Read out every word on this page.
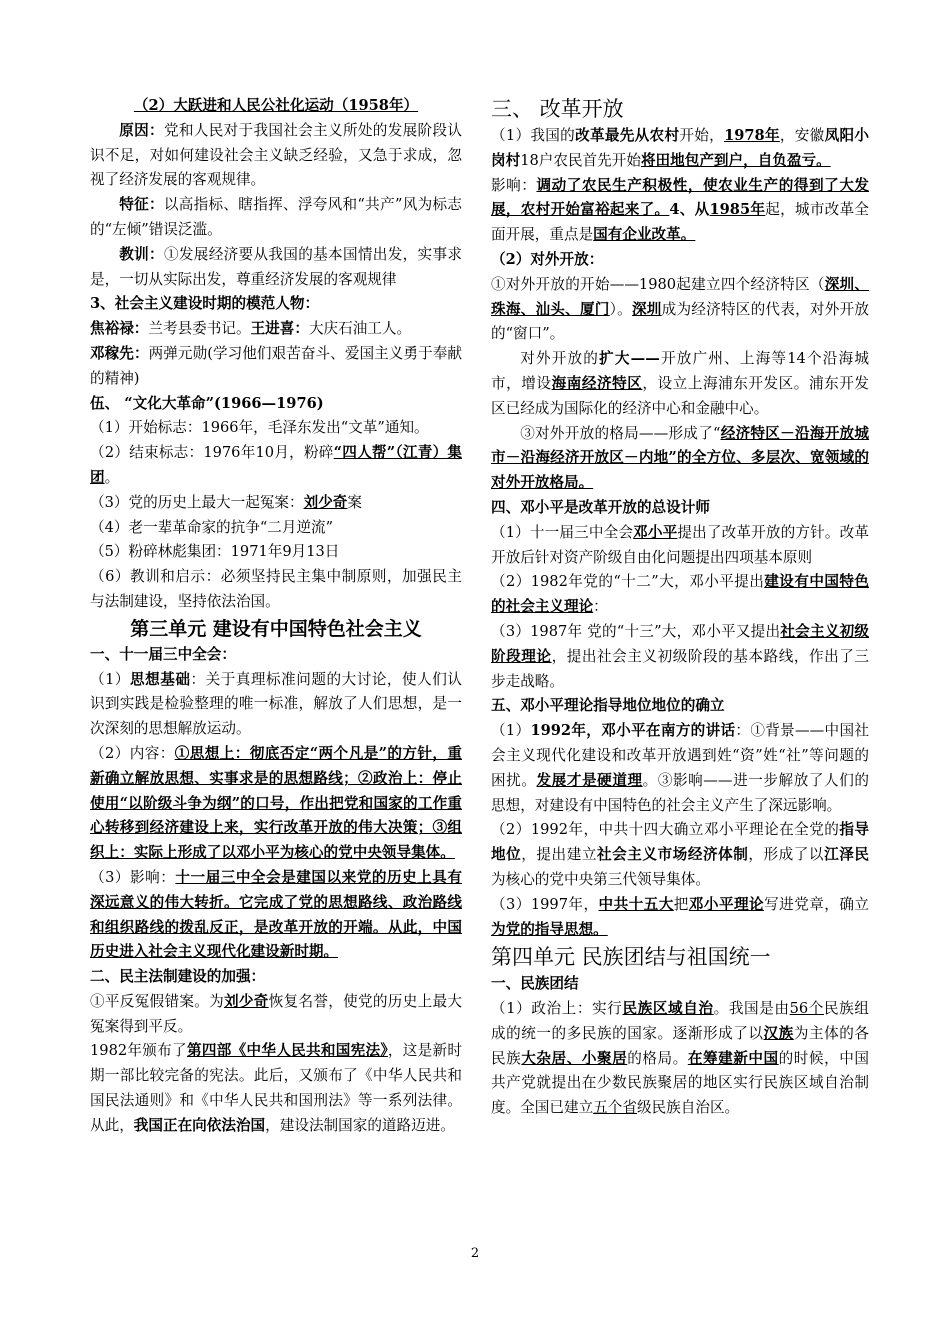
（2）大跃进和人民公社化运动（1958年）

原因：党和人民对于我国社会主义所处的发展阶段认识不足，对如何建设社会主义缺乏经验，又急于求成，忽视了经济发展的客观规律。

特征：以高指标、瞎指挥、浮夸风和“共产”风为标志的“左倾”错误泛滥。

教训：①发展经济要从我国的基本国情出发，实事求是，一切从实际出发，尊重经济发展的客观规律

3、社会主义建设时期的模范人物：

焦裕禄：兰考县委书记。王进喜：大庆石油工人。

邓稼先：两弹元勋(学习他们艰苦奋斗、爱国主义勇于奉献的精神)

伍、 “文化大革命”(1966—1976)

（1）开始标志：1966年，毛泽东发出“文革”通知。

（2）结束标志：1976年10月，粉碎“四人帮”（江青）集团。

（3）党的历史上最大一起冤案：刘少奇案

（4）老一辈革命家的抗争“二月逆流”

（5）粉碎林彪集团：1971年9月13日

（6）教训和启示：必须坚持民主集中制原则，加强民主与法制建设，坚持依法治国。

第三单元 建设有中国特色社会主义

一、十一届三中全会：

（1）思想基础：关于真理标准问题的大讨论，使人们认识到实践是检验整理的唯一标准，解放了人们思想，是一次深刻的思想解放运动。

（2）内容：①思想上：彻底否定“两个凡是”的方针，重新确立解放思想、实事求是的思想路线；②政治上：停止使用“以阶级斗争为纲”的口号，作出把党和国家的工作重心转移到经济建设上来，实行改革开放的伟大决策；③组织上：实际上形成了以邓小平为核心的党中央领导集体。

（3）影响：十一届三中全会是建国以来党的历史上具有深远意义的伟大转折。它完成了党的思想路线、政治路线和组织路线的拨乱反正，是改革开放的开端。从此，中国历史进入社会主义现代化建设新时期。

二、民主法制建设的加强：

①平反冤假错案。为刘少奇恢复名誉，使党的历史上最大冤案得到平反。

1982年颁布了第四部《中华人民共和国宪法》，这是新时期一部比较完备的宪法。此后，又颁布了《中华人民共和国民法通则》和《中华人民共和国刑法》等一系列法律。从此，我国正在向依法治国，建设法制国家的道路迈进。

三、 改革开放

（1）我国的改革最先从农村开始，1978年，安徽凤阳小岗村18户农民首先开始将田地包产到户，自负盈亏。

影响：调动了农民生产积极性，使农业生产的得到了大发展，农村开始富裕起来了。4、从1985年起，城市改革全面开展，重点是国有企业改革。

（2）对外开放：

①对外开放的开始——1980起建立四个经济特区（深圳、珠海、汕头、厦门）。深圳成为经济特区的代表，对外开放的“窗口”。

对外开放的扩大——开放广州、上海等14个沿海城市，增设海南经济特区，设立上海浦东开发区。浦东开发区已经成为国际化的经济中心和金融中心。

③对外开放的格局——形成了“经济特区－沿海开放城市－沿海经济开放区－内地”的全方位、多层次、宽领域的对外开放格局。

四、邓小平是改革开放的总设计师

（1）十一届三中全会邓小平提出了改革开放的方针。改革开放后针对资产阶级自由化问题提出四项基本原则

（2）1982年党的“十二”大，邓小平提出建设有中国特色的社会主义理论：

（3）1987年 党的“十三”大，邓小平又提出社会主义初级阶段理论，提出社会主义初级阶段的基本路线，作出了三步走战略。

五、邓小平理论指导地位地位的确立

（1）1992年，邓小平在南方的讲话：①背景——中国社会主义现代化建设和改革开放遇到姓“资”姓“社”等问题的困扰。发展才是硬道理。③影响——进一步解放了人们的思想，对建设有中国特色的社会主义产生了深远影响。

（2）1992年，中共十四大确立邓小平理论在全党的指导地位，提出建立社会主义市场经济体制，形成了以江泽民为核心的党中央第三代领导集体。

（3）1997年，中共十五大把邓小平理论写进党章，确立为党的指导思想。

第四单元 民族团结与祖国统一

一、民族团结

（1）政治上：实行民族区域自治。我国是由56个民族组成的统一的多民族的国家。逐渐形成了以汉族为主体的各民族大杂居、小聚居的格局。在筹建新中国的时候，中国共产党就提出在少数民族聚居的地区实行民族区域自治制度。全国已建立五个省级民族自治区。

2
